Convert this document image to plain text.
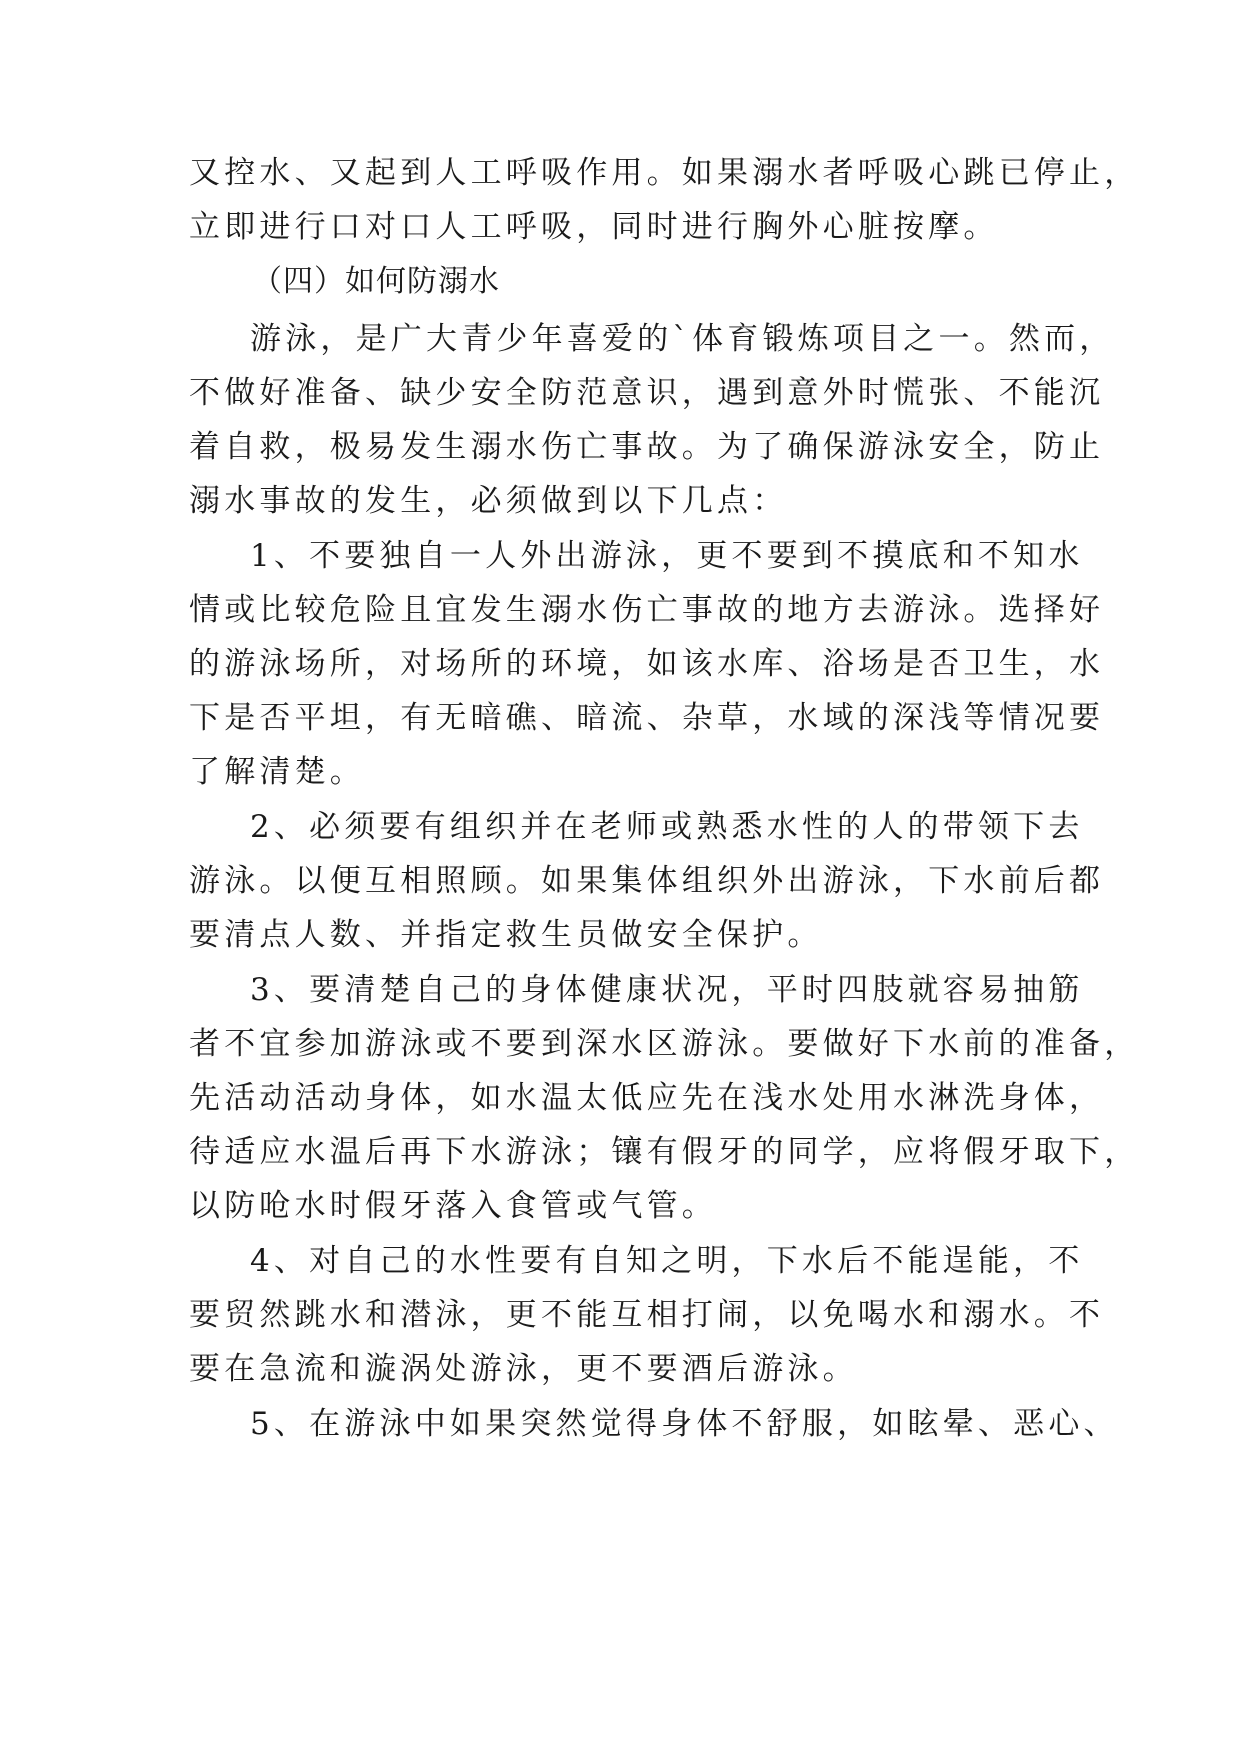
又控水、又起到人工呼吸作用。如果溺水者呼吸心跳已停止，
立即进行口对口人工呼吸，同时进行胸外心脏按摩。
（四）如何防溺水
游泳，是广大青少年喜爱的`体育锻炼项目之一。然而，
不做好准备、缺少安全防范意识，遇到意外时慌张、不能沉
着自救，极易发生溺水伤亡事故。为了确保游泳安全，防止
溺水事故的发生，必须做到以下几点：
1、不要独自一人外出游泳，更不要到不摸底和不知水
情或比较危险且宜发生溺水伤亡事故的地方去游泳。选择好
的游泳场所，对场所的环境，如该水库、浴场是否卫生，水
下是否平坦，有无暗礁、暗流、杂草，水域的深浅等情况要
了解清楚。
2、必须要有组织并在老师或熟悉水性的人的带领下去
游泳。以便互相照顾。如果集体组织外出游泳，下水前后都
要清点人数、并指定救生员做安全保护。
3、要清楚自己的身体健康状况，平时四肢就容易抽筋
者不宜参加游泳或不要到深水区游泳。要做好下水前的准备，
先活动活动身体，如水温太低应先在浅水处用水淋洗身体，
待适应水温后再下水游泳；镶有假牙的同学，应将假牙取下，
以防呛水时假牙落入食管或气管。
4、对自己的水性要有自知之明，下水后不能逞能，不
要贸然跳水和潜泳，更不能互相打闹，以免喝水和溺水。不
要在急流和漩涡处游泳，更不要酒后游泳。
5、在游泳中如果突然觉得身体不舒服，如眩晕、恶心、
